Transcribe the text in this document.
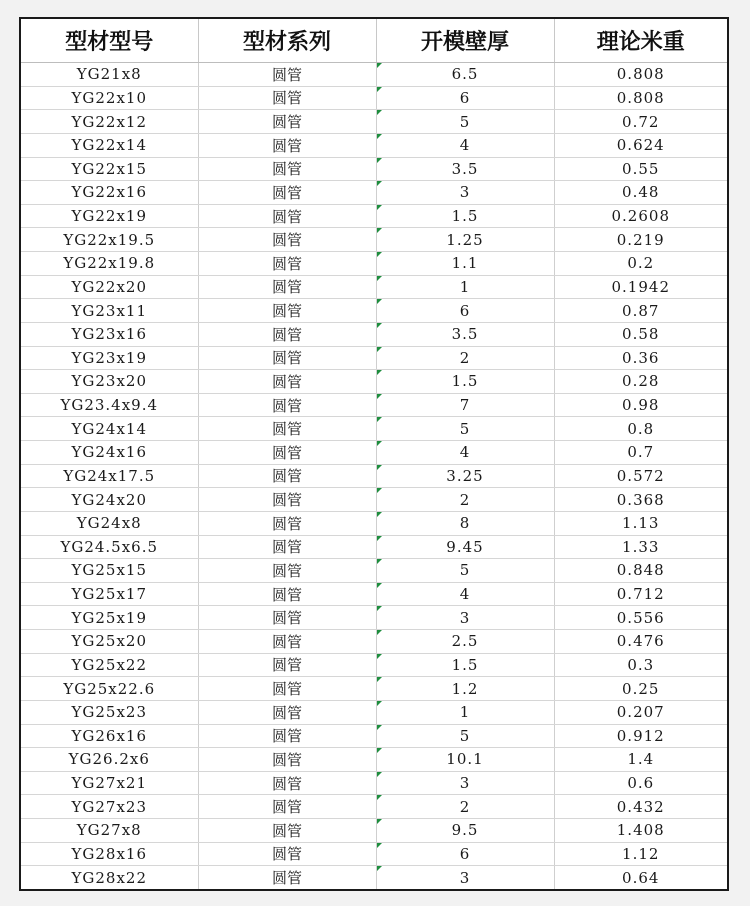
型材型号	型材系列	开模壁厚	理论米重
YG21x8	圆管	6.5	0.808
YG22x10	圆管	6	0.808
YG22x12	圆管	5	0.72
YG22x14	圆管	4	0.624
YG22x15	圆管	3.5	0.55
YG22x16	圆管	3	0.48
YG22x19	圆管	1.5	0.2608
YG22x19.5	圆管	1.25	0.219
YG22x19.8	圆管	1.1	0.2
YG22x20	圆管	1	0.1942
YG23x11	圆管	6	0.87
YG23x16	圆管	3.5	0.58
YG23x19	圆管	2	0.36
YG23x20	圆管	1.5	0.28
YG23.4x9.4	圆管	7	0.98
YG24x14	圆管	5	0.8
YG24x16	圆管	4	0.7
YG24x17.5	圆管	3.25	0.572
YG24x20	圆管	2	0.368
YG24x8	圆管	8	1.13
YG24.5x6.5	圆管	9.45	1.33
YG25x15	圆管	5	0.848
YG25x17	圆管	4	0.712
YG25x19	圆管	3	0.556
YG25x20	圆管	2.5	0.476
YG25x22	圆管	1.5	0.3
YG25x22.6	圆管	1.2	0.25
YG25x23	圆管	1	0.207
YG26x16	圆管	5	0.912
YG26.2x6	圆管	10.1	1.4
YG27x21	圆管	3	0.6
YG27x23	圆管	2	0.432
YG27x8	圆管	9.5	1.408
YG28x16	圆管	6	1.12
YG28x22	圆管	3	0.64
